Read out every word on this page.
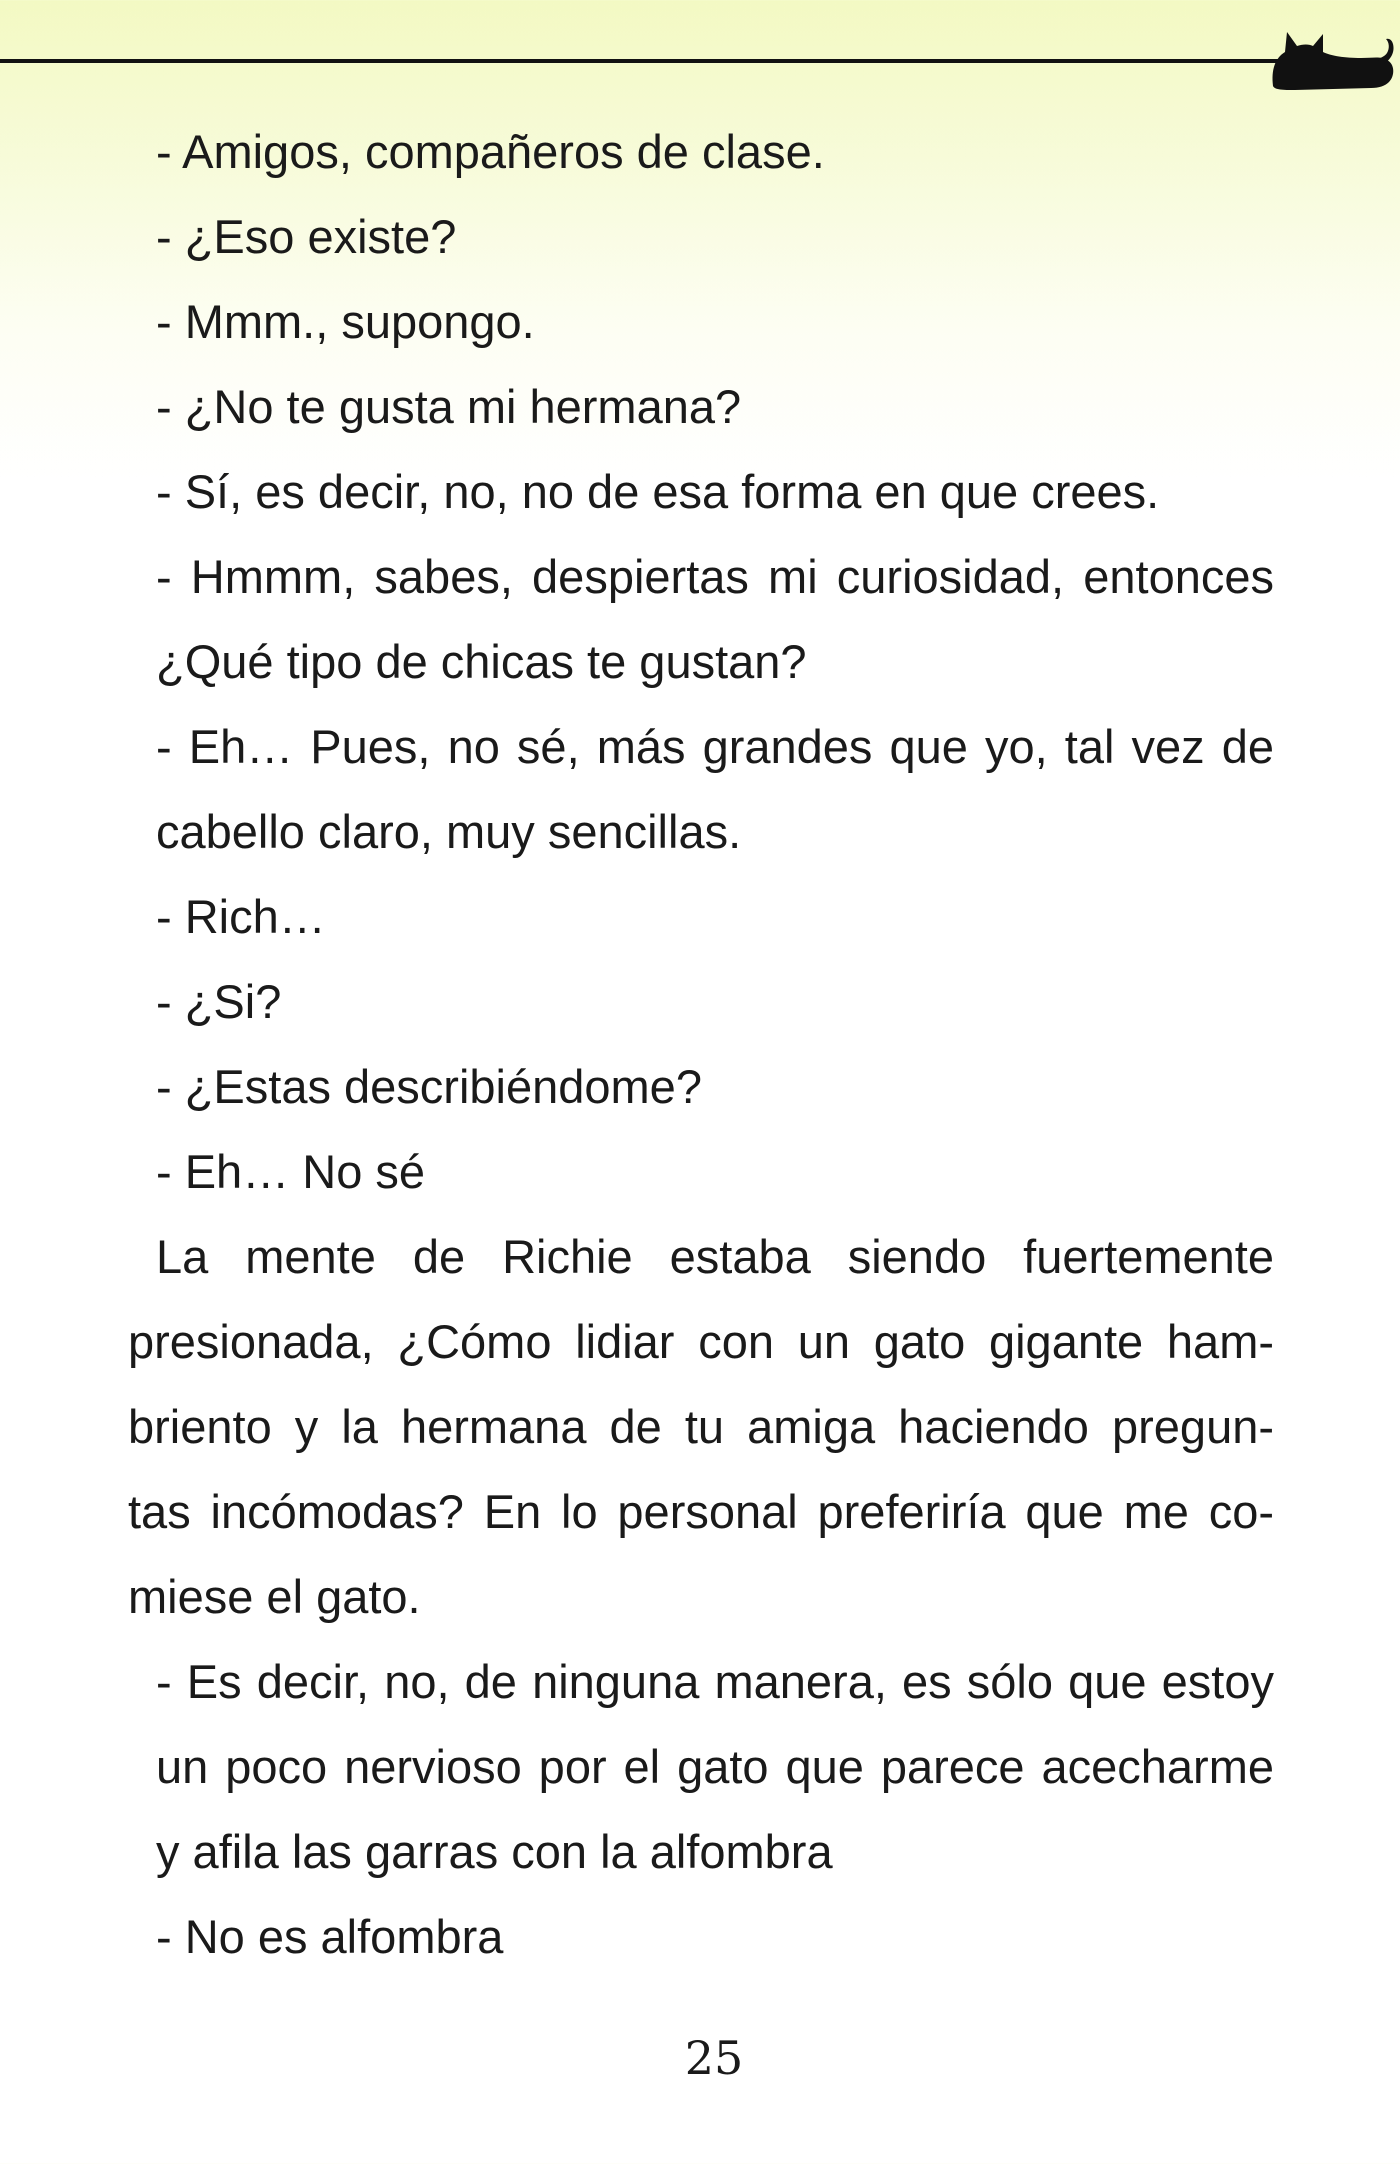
- Amigos, compañeros de clase.
- ¿Eso existe?
- Mmm., supongo.
- ¿No te gusta mi hermana?
- Sí, es decir, no, no de esa forma en que crees.
- Hmmm, sabes, despiertas mi curiosidad, entonces
¿Qué tipo de chicas te gustan?
- Eh… Pues, no sé, más grandes que yo, tal vez de
cabello claro, muy sencillas.
- Rich…
- ¿Si?
- ¿Estas describiéndome?
- Eh… No sé
La mente de Richie estaba siendo fuertemente
presionada, ¿Cómo lidiar con un gato gigante ham-
briento y la hermana de tu amiga haciendo pregun-
tas incómodas? En lo personal preferiría que me co-
miese el gato.
- Es decir, no, de ninguna manera, es sólo que estoy
un poco nervioso por el gato que parece acecharme
y afila las garras con la alfombra
- No es alfombra
25
